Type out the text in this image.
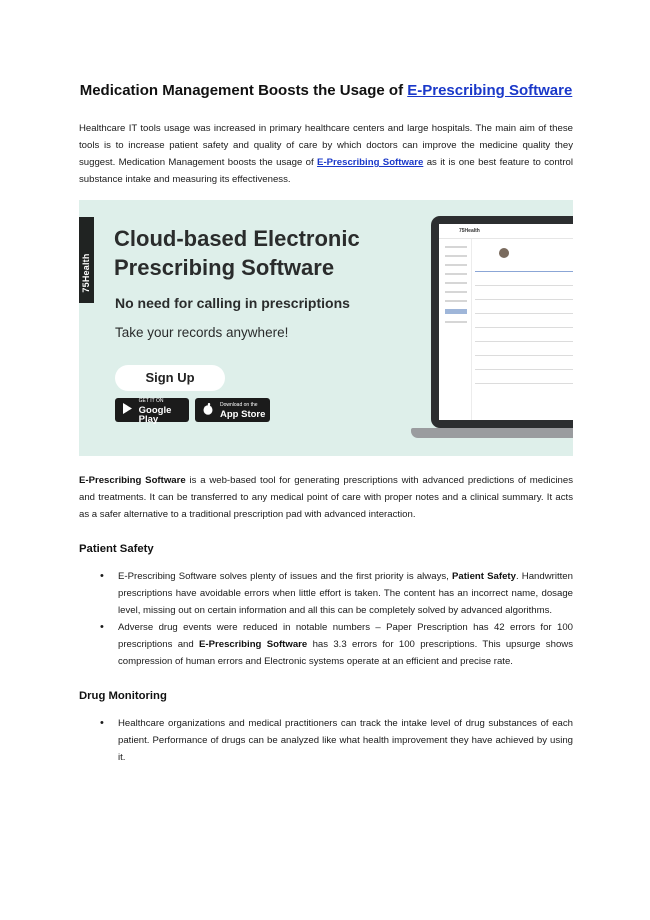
Medication Management Boosts the Usage of E-Prescribing Software

Healthcare IT tools usage was increased in primary healthcare centers and large hospitals. The main aim of these tools is to increase patient safety and quality of care by which doctors can improve the medicine quality they suggest. Medication Management boosts the usage of E-Prescribing Software as it is one best feature to control substance intake and measuring its effectiveness.

75Health
Cloud-based Electronic Prescribing Software
No need for calling in prescriptions
Take your records anywhere!
Sign Up
GET IT ON
Google Play
Download on the
App Store
75Health

E-Prescribing Software is a web-based tool for generating prescriptions with advanced predictions of medicines and treatments. It can be transferred to any medical point of care with proper notes and a clinical summary. It acts as a safer alternative to a traditional prescription pad with advanced interaction.

Patient Safety
• E-Prescribing Software solves plenty of issues and the first priority is always, Patient Safety. Handwritten prescriptions have avoidable errors when little effort is taken. The content has an incorrect name, dosage level, missing out on certain information and all this can be completely solved by advanced algorithms.
• Adverse drug events were reduced in notable numbers – Paper Prescription has 42 errors for 100 prescriptions and E-Prescribing Software has 3.3 errors for 100 prescriptions. This upsurge shows compression of human errors and Electronic systems operate at an efficient and precise rate.
Drug Monitoring
• Healthcare organizations and medical practitioners can track the intake level of drug substances of each patient. Performance of drugs can be analyzed like what health improvement they have achieved by using it.
